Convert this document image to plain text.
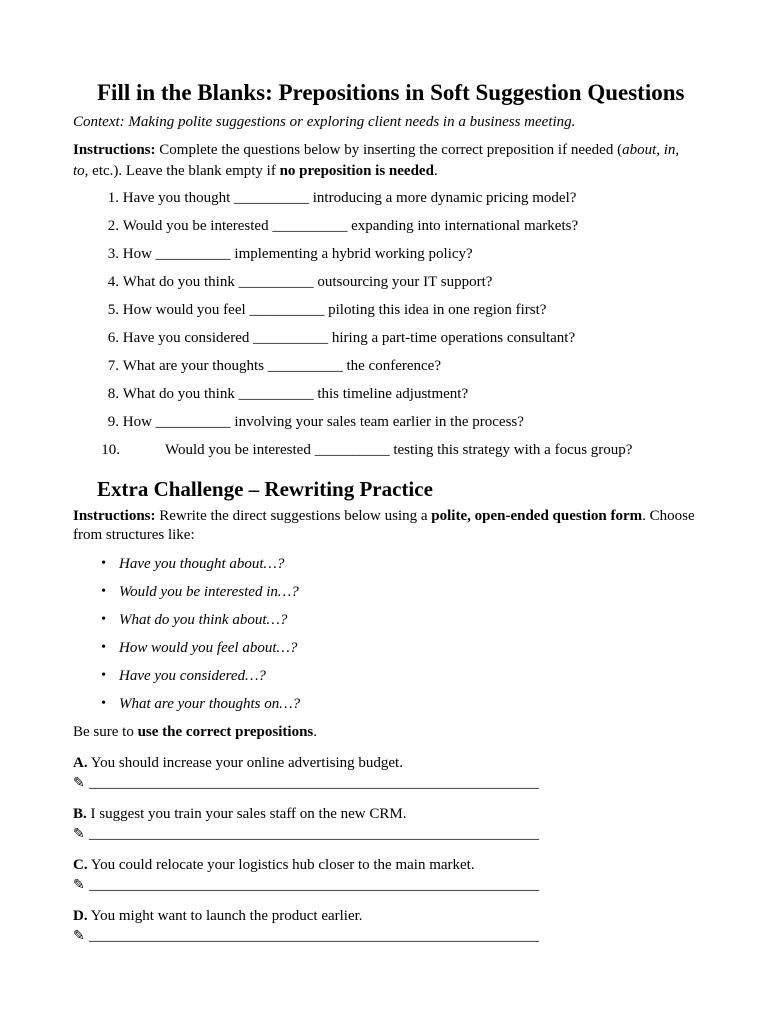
Fill in the Blanks: Prepositions in Soft Suggestion Questions

Context: Making polite suggestions or exploring client needs in a business meeting.

Instructions: Complete the questions below by inserting the correct preposition if needed (about, in, to, etc.). Leave the blank empty if no preposition is needed.

1.
Have you thought __________ introducing a more dynamic pricing model?
2.
Would you be interested __________ expanding into international markets?
3.
How __________ implementing a hybrid working policy?
4.
What do you think __________ outsourcing your IT support?
5.
How would you feel __________ piloting this idea in one region first?
6.
Have you considered __________ hiring a part-time operations consultant?
7.
What are your thoughts __________ the conference?
8.
What do you think __________ this timeline adjustment?
9.
How __________ involving your sales team earlier in the process?
10.	Would you be interested __________ testing this strategy with a focus group?
Extra Challenge – Rewriting Practice

Instructions: Rewrite the direct suggestions below using a polite, open-ended question form. Choose from structures like:

• Have you thought about…?
• Would you be interested in…?
• What do you think about…?
• How would you feel about…?
• Have you considered…?
• What are your thoughts on…?

Be sure to use the correct prepositions.

A. You should increase your online advertising budget.
✎ ____________________________________________________________
B. I suggest you train your sales staff on the new CRM.
✎ ____________________________________________________________
C. You could relocate your logistics hub closer to the main market.
✎ ____________________________________________________________
D. You might want to launch the product earlier.
✎ ____________________________________________________________
